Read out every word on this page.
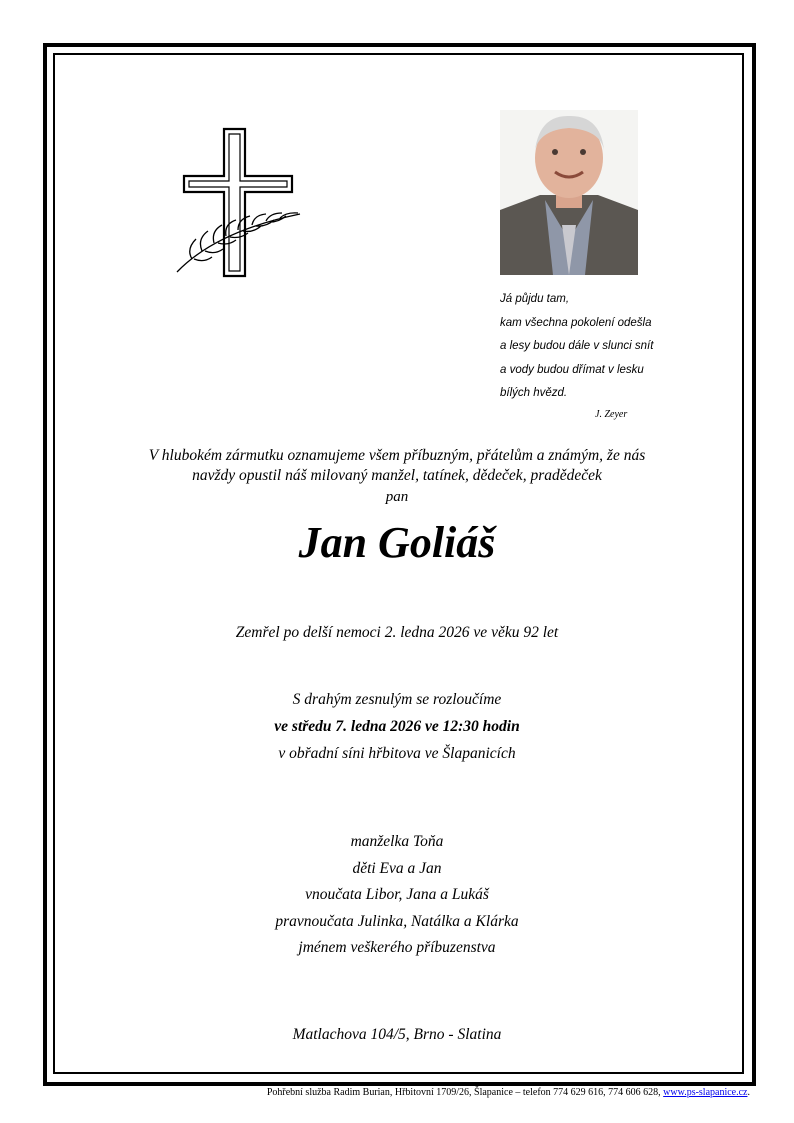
Já půjdu tam,
kam všechna pokolení odešla
a lesy budou dále v slunci snít
a vody budou dřímat v lesku
bílých hvězd.
J. Zeyer
V hlubokém zármutku oznamujeme všem příbuzným, přátelům a známým, že nás
navždy opustil náš milovaný manžel, tatínek, dědeček, pradědeček
pan
Jan Goliáš
Zemřel po delší nemoci 2. ledna 2026 ve věku 92 let
S drahým zesnulým se rozloučíme
ve středu 7. ledna 2026 ve 12:30 hodin
v obřadní síni hřbitova ve Šlapanicích
manželka Toňa
děti Eva a Jan
vnoučata Libor, Jana a Lukáš
pravnoučata Julinka, Natálka a Klárka
jménem veškerého příbuzenstva
Matlachova 104/5, Brno - Slatina
Pohřební služba Radim Burian, Hřbitovní 1709/26, Šlapanice – telefon 774 629 616, 774 606 628, www.ps-slapanice.cz.
